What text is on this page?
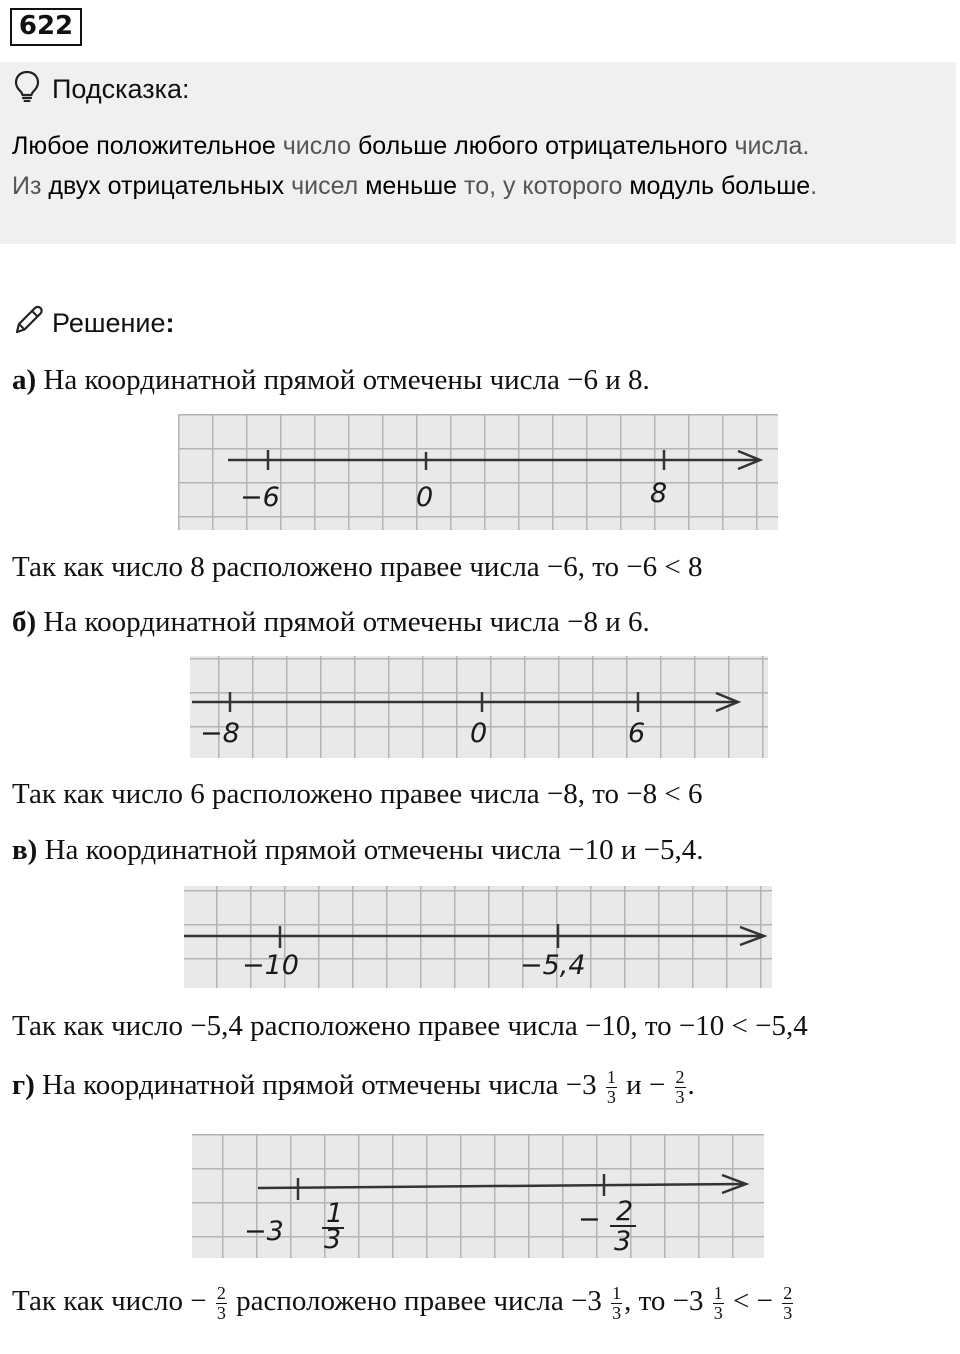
622
Подсказка:
Любое положительное число больше любого отрицательного числа.
Из двух отрицательных чисел меньше то, у которого модуль больше.
Решение:
а) На координатной прямой отмечены числа −6 и 8.
−6	0	8
Так как число 8 расположено правее числа −6, то −6 < 8
б) На координатной прямой отмечены числа −8 и 6.
−8	0	6
Так как число 6 расположено правее числа −8, то −8 < 6
в) На координатной прямой отмечены числа −10 и −5,4.
−10	−5,4
Так как число −5,4 расположено правее числа −10, то −10 < −5,4
г) На координатной прямой отмечены числа $-3 \frac{1}{3}$ $и - \frac{2}{3}$ .
−3
1
3
− 2
3
Так как число − $\frac{2}{3}$ расположено правее числа $-3 \frac{1}{3}$ , то $-3 \frac{1}{3}$ < − $\frac{2}{3}$
